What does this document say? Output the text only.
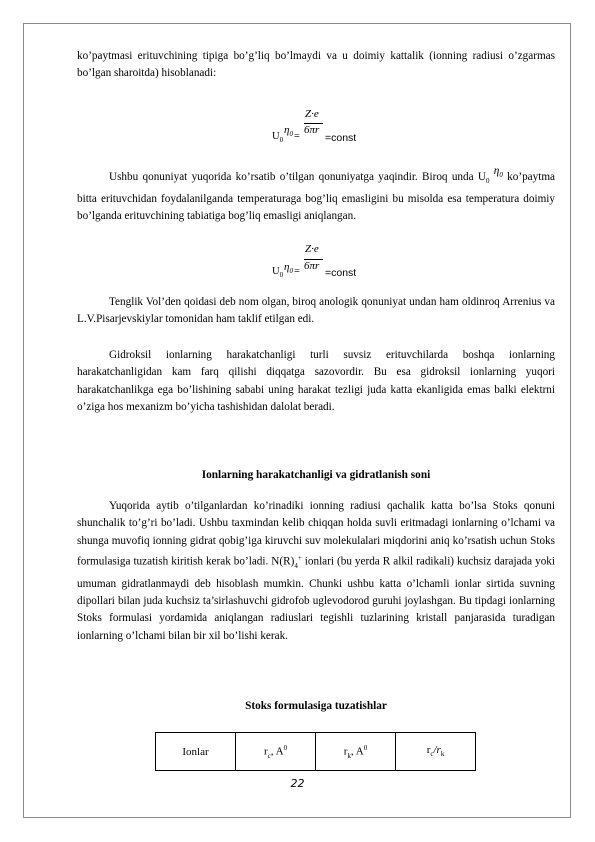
ko’paytmasi erituvchining tipiga bo’g’liq bo’lmaydi va u doimiy kattalik (ionning radiusi o’zgarmas bo’lgan sharoitda) hisoblanadi:

$U_0$
$\eta_0$ =
Z·e
6πr
=const

Ushbu qonuniyat yuqorida ko’rsatib o’tilgan qonuniyatga yaqindir. Biroq unda $U_0$ $\eta_0$ ko’paytma bitta erituvchidan foydalanilganda temperaturaga bog’liq emasligini bu misolda esa temperatura doimiy bo’lganda erituvchining tabiatiga bog’liq emasligi aniqlangan.

$U_0$
$\eta_0$ =
Z·e
6πr
=const

Tenglik Vol’den qoidasi deb nom olgan, biroq anologik qonuniyat undan ham oldinroq Arrenius va L.V.Pisarjevskiylar tomonidan ham taklif etilgan edi.

Gidroksil ionlarning harakatchanligi turli suvsiz erituvchilarda boshqa ionlarning harakatchanligidan kam farq qilishi diqqatga sazovordir. Bu esa gidroksil ionlarning yuqori harakatchanlikga ega bo’lishining sababi uning harakat tezligi juda katta ekanligida emas balki elektrni o’ziga hos mexanizm bo’yicha tashishidan dalolat beradi.

Ionlarning harakatchanligi va gidratlanish soni

Yuqorida aytib o’tilganlardan ko’rinadiki ionning radiusi qachalik katta bo’lsa Stoks qonuni shunchalik to’g’ri bo’ladi. Ushbu taxmindan kelib chiqqan holda suvli eritmadagi ionlarning o’lchami va shunga muvofiq ionning gidrat qobig’iga kiruvchi suv molekulalari miqdorini aniq ko’rsatish uchun Stoks formulasiga tuzatish kiritish kerak bo’ladi. $N(R)_4^+$ ionlari (bu yerda R alkil radikali) kuchsiz darajada yoki umuman gidratlanmaydi deb hisoblash mumkin. Chunki ushbu katta o’lchamli ionlar sirtida suvning dipollari bilan juda kuchsiz ta’sirlashuvchi gidrofob uglevodorod guruhi joylashgan. Bu tipdagi ionlarning Stoks formulasi yordamida aniqlangan radiuslari tegishli tuzlarining kristall panjarasida turadigan ionlarning o’lchami bilan bir xil bo’lishi kerak.

Stoks formulasiga tuzatishlar
Ionlar	$r_c$, $A^0$	$r_k$, $A^0$	$r_c/r_k$
22
